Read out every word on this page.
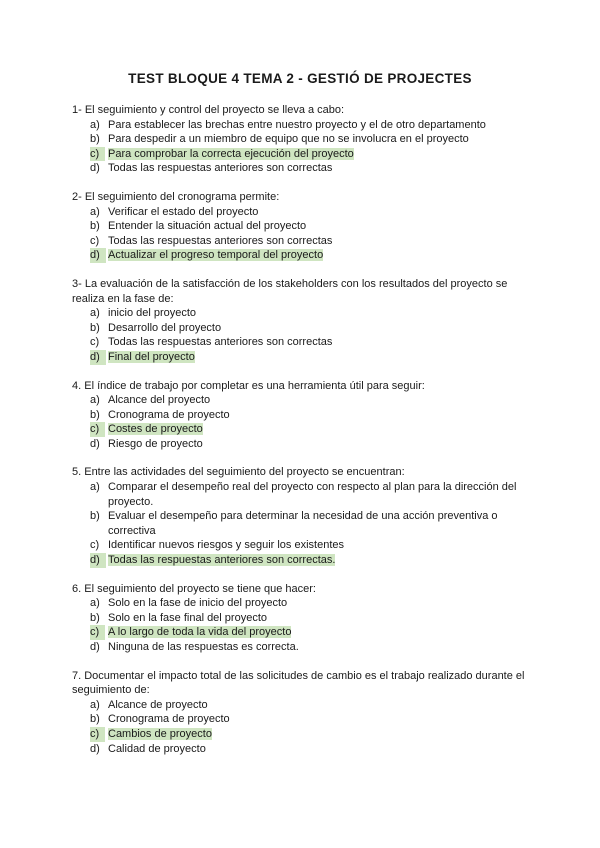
TEST BLOQUE 4 TEMA 2 - GESTIÓ DE PROJECTES
1- El seguimiento y control del proyecto se lleva a cabo:
a) Para establecer las brechas entre nuestro proyecto y el de otro departamento
b) Para despedir a un miembro de equipo que no se involucra en el proyecto
c) Para comprobar la correcta ejecución del proyecto
d) Todas las respuestas anteriores son correctas
2- El seguimiento del cronograma permite:
a) Verificar el estado del proyecto
b) Entender la situación actual del proyecto
c) Todas las respuestas anteriores son correctas
d) Actualizar el progreso temporal del proyecto
3- La evaluación de la satisfacción de los stakeholders con los resultados del proyecto se realiza en la fase de:
a) inicio del proyecto
b) Desarrollo del proyecto
c) Todas las respuestas anteriores son correctas
d) Final del proyecto
4. El índice de trabajo por completar es una herramienta útil para seguir:
a) Alcance del proyecto
b) Cronograma de proyecto
c) Costes de proyecto
d) Riesgo de proyecto
5. Entre las actividades del seguimiento del proyecto se encuentran:
a) Comparar el desempeño real del proyecto con respecto al plan para la dirección del proyecto.
b) Evaluar el desempeño para determinar la necesidad de una acción preventiva o correctiva
c) Identificar nuevos riesgos y seguir los existentes
d) Todas las respuestas anteriores son correctas.
6. El seguimiento del proyecto se tiene que hacer:
a) Solo en la fase de inicio del proyecto
b) Solo en la fase final del proyecto
c) A lo largo de toda la vida del proyecto
d) Ninguna de las respuestas es correcta.
7. Documentar el impacto total de las solicitudes de cambio es el trabajo realizado durante el seguimiento de:
a) Alcance de proyecto
b) Cronograma de proyecto
c) Cambios de proyecto
d) Calidad de proyecto
